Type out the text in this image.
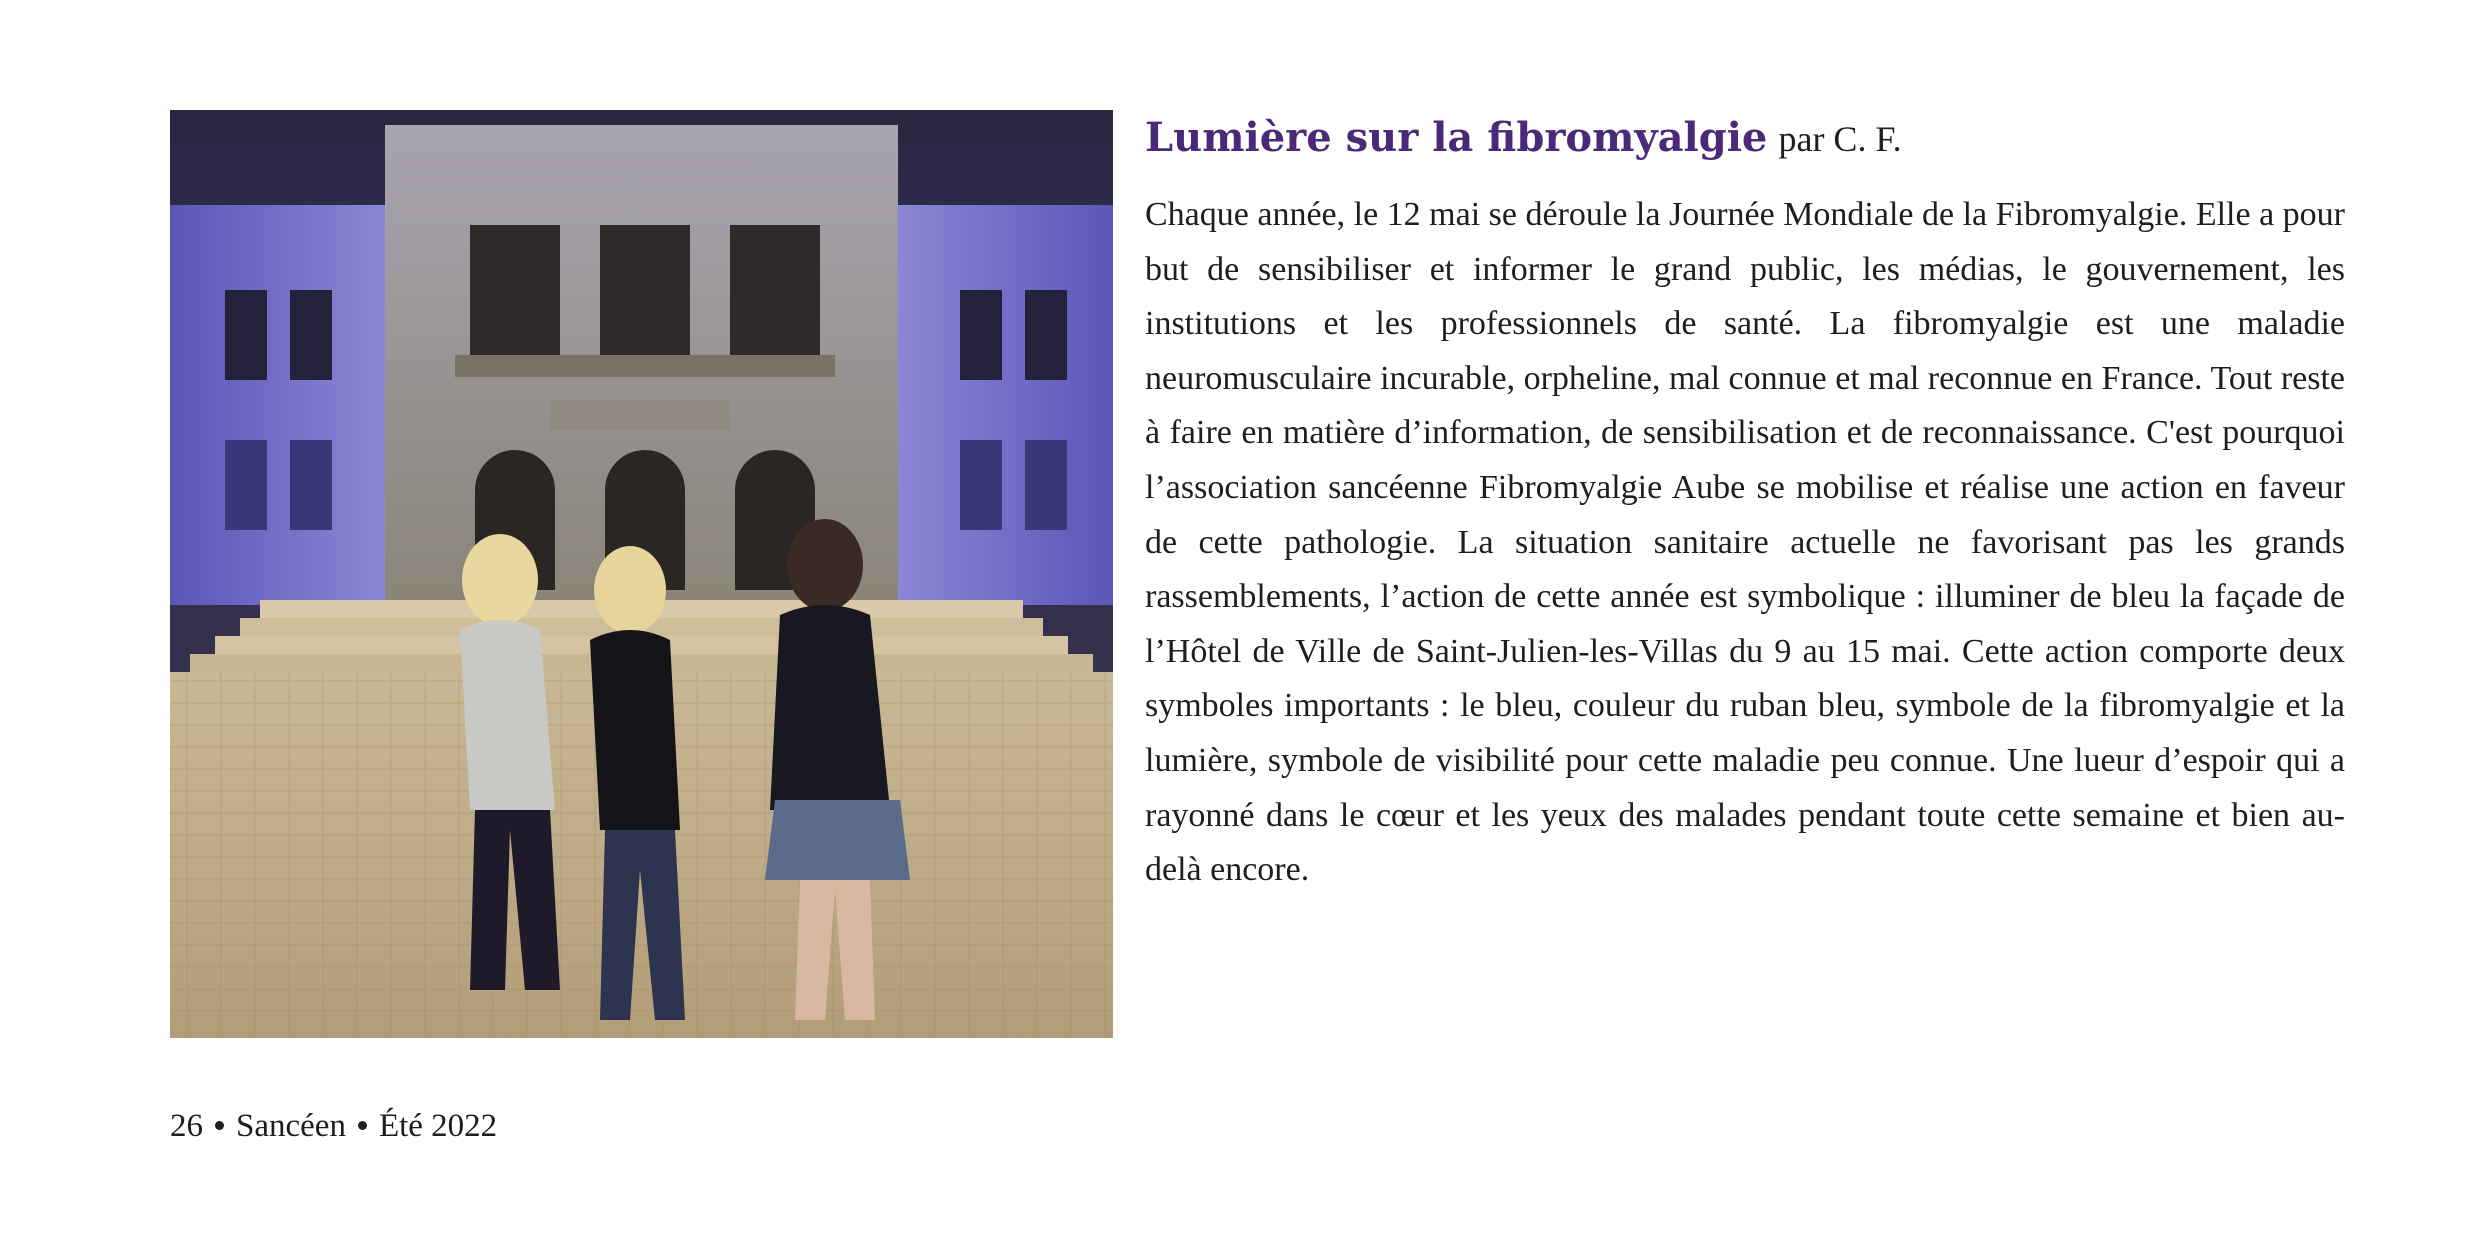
Lumière sur la fibromyalgie par C. F.

Chaque année, le 12 mai se déroule la Journée Mondiale de la Fibromyalgie. Elle a pour but de sensibiliser et informer le grand public, les médias, le gouvernement, les institutions et les professionnels de santé. La fibromyalgie est une maladie neuromusculaire incurable, orpheline, mal connue et mal reconnue en France. Tout reste à faire en matière d’information, de sensibilisation et de reconnaissance. C'est pourquoi l’association sancéenne Fibromyalgie Aube se mobilise et réalise une action en faveur de cette pathologie. La situation sanitaire actuelle ne favorisant pas les grands rassemblements, l’action de cette année est symbolique : illuminer de bleu la façade de l’Hôtel de Ville de Saint-Julien-les-Villas du 9 au 15 mai. Cette action comporte deux symboles importants : le bleu, couleur du ruban bleu, symbole de la fibromyalgie et la lumière, symbole de visibilité pour cette maladie peu connue. Une lueur d’espoir qui a rayonné dans le cœur et les yeux des malades pendant toute cette semaine et bien au-delà encore.

26 Sancéen Été 2022
